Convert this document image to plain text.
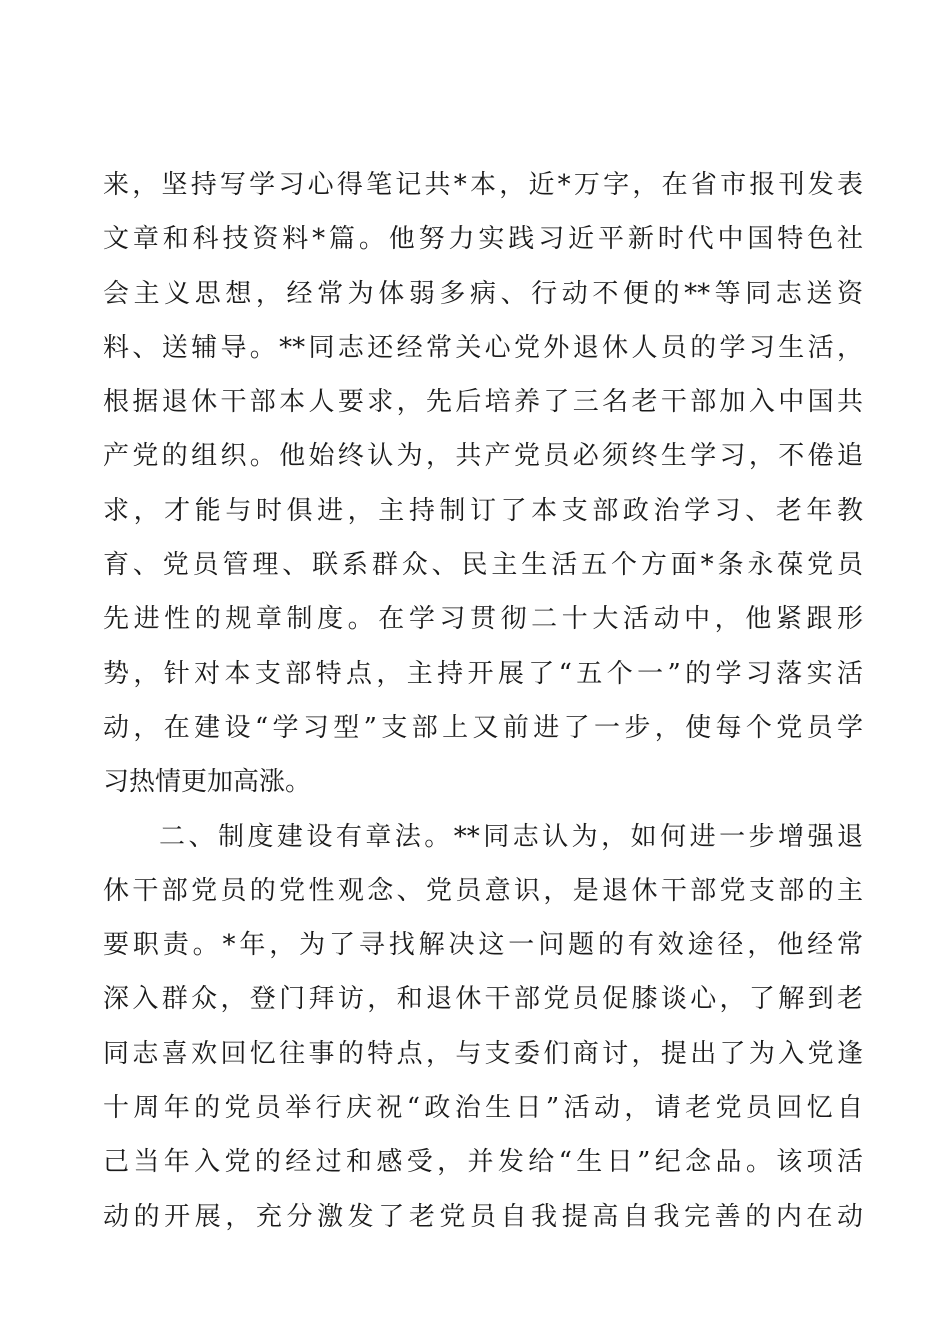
来，坚持写学习心得笔记共*本，近*万字，在省市报刊发表
文章和科技资料*篇。他努力实践习近平新时代中国特色社
会主义思想，经常为体弱多病、行动不便的**等同志送资
料、送辅导。**同志还经常关心党外退休人员的学习生活，
根据退休干部本人要求，先后培养了三名老干部加入中国共
产党的组织。他始终认为，共产党员必须终生学习，不倦追
求，才能与时俱进，主持制订了本支部政治学习、老年教
育、党员管理、联系群众、民主生活五个方面*条永葆党员
先进性的规章制度。在学习贯彻二十大活动中，他紧跟形
势，针对本支部特点，主持开展了“五个一”的学习落实活
动，在建设“学习型”支部上又前进了一步，使每个党员学
习热情更加高涨。
二、制度建设有章法。**同志认为，如何进一步增强退
休干部党员的党性观念、党员意识，是退休干部党支部的主
要职责。*年，为了寻找解决这一问题的有效途径，他经常
深入群众，登门拜访，和退休干部党员促膝谈心，了解到老
同志喜欢回忆往事的特点，与支委们商讨，提出了为入党逢
十周年的党员举行庆祝“政治生日”活动，请老党员回忆自
己当年入党的经过和感受，并发给“生日”纪念品。该项活
动的开展，充分激发了老党员自我提高自我完善的内在动
